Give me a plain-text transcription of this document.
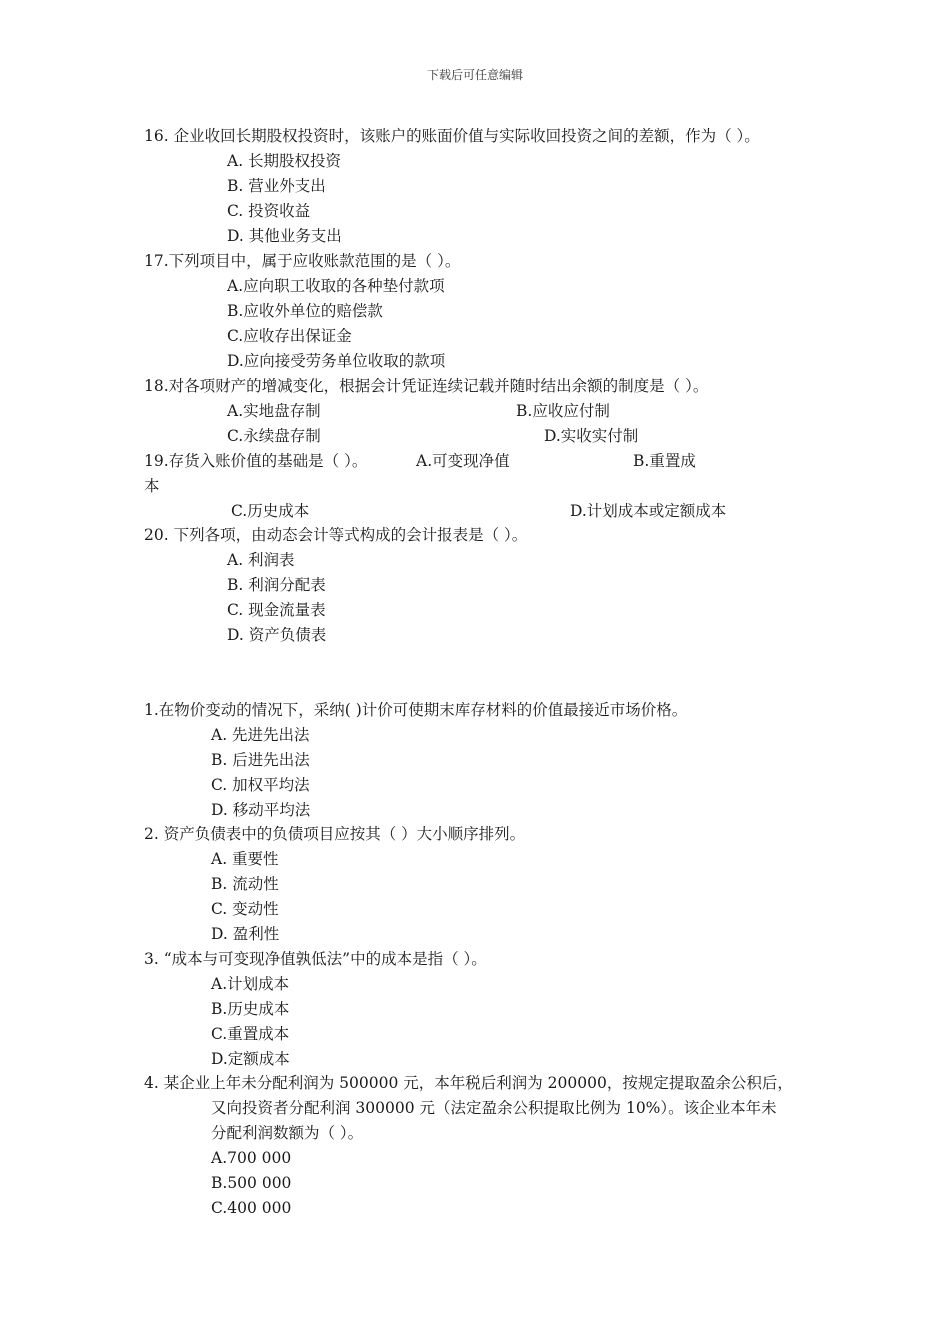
下载后可任意编辑
16. 企业收回长期股权投资时，该账户的账面价值与实际收回投资之间的差额，作为（ ）。
A. 长期股权投资
B. 营业外支出
C. 投资收益
D. 其他业务支出
17.下列项目中，属于应收账款范围的是（ ）。
A.应向职工收取的各种垫付款项
B.应收外单位的赔偿款
C.应收存出保证金
D.应向接受劳务单位收取的款项
18.对各项财产的增减变化，根据会计凭证连续记载并随时结出余额的制度是（ ）。
A.实地盘存制	B.应收应付制
C.永续盘存制	D.实收实付制
19.存货入账价值的基础是（ ）。	A.可变现净值	B.重置成
本
C.历史成本	D.计划成本或定额成本
20. 下列各项，由动态会计等式构成的会计报表是（ ）。
A. 利润表
B. 利润分配表
C. 现金流量表
D. 资产负债表
1.在物价变动的情况下，采纳( )计价可使期末库存材料的价值最接近市场价格。
A. 先进先出法
B. 后进先出法
C. 加权平均法
D. 移动平均法
2. 资产负债表中的负债项目应按其（ ）大小顺序排列。
A. 重要性
B. 流动性
C. 变动性
D. 盈利性
3. “成本与可变现净值孰低法”中的成本是指（ ）。
A.计划成本
B.历史成本
C.重置成本
D.定额成本
4. 某企业上年未分配利润为 500000 元，本年税后利润为 200000，按规定提取盈余公积后，
又向投资者分配利润 300000 元（法定盈余公积提取比例为 10%）。该企业本年未
分配利润数额为（ ）。
A.700 000
B.500 000
C.400 000
